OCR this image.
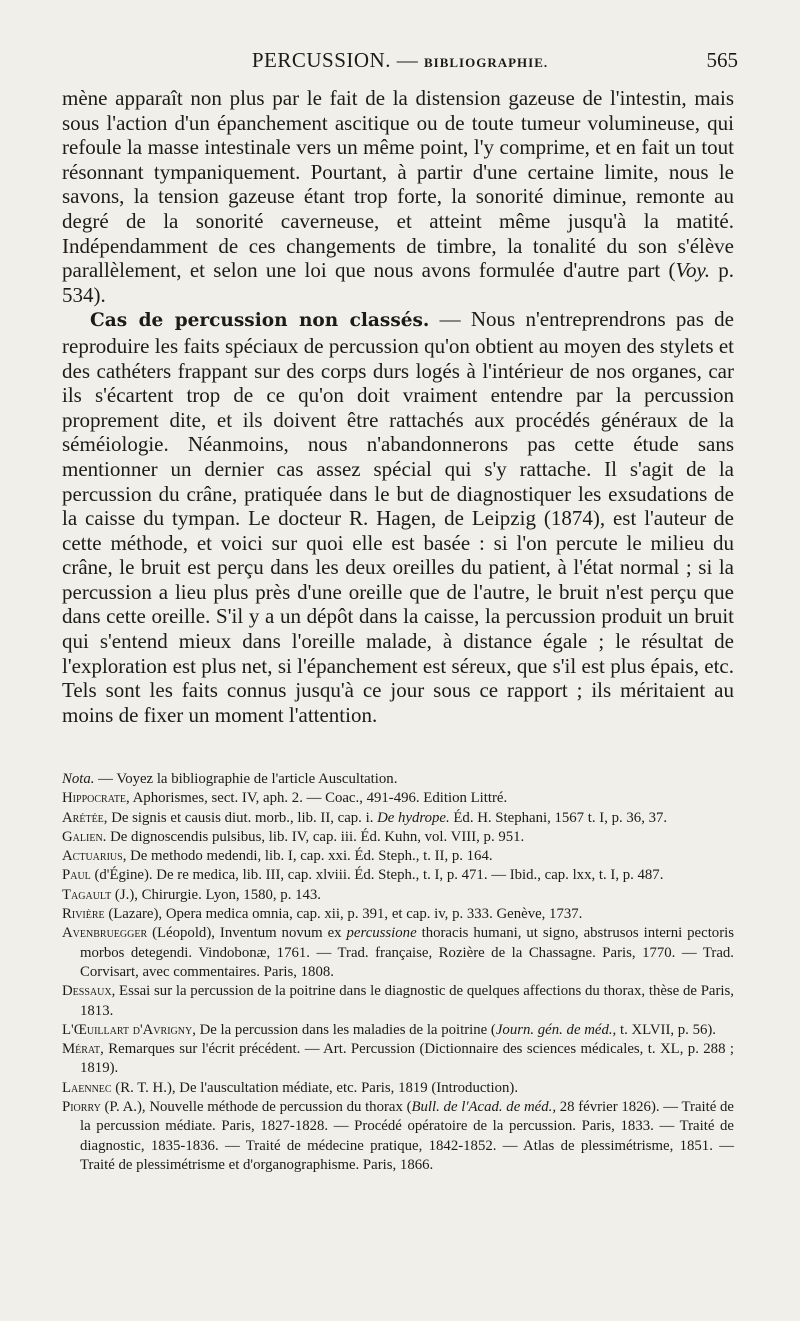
PERCUSSION. — BIBLIOGRAPHIE.	565

mène apparaît non plus par le fait de la distension gazeuse de l'intestin, mais sous l'action d'un épanchement ascitique ou de toute tumeur volumineuse, qui refoule la masse intestinale vers un même point, l'y comprime, et en fait un tout résonnant tympaniquement. Pourtant, à partir d'une certaine limite, nous le savons, la tension gazeuse étant trop forte, la sonorité diminue, remonte au degré de la sonorité caverneuse, et atteint même jusqu'à la matité. Indépendamment de ces changements de timbre, la tonalité du son s'élève parallèlement, et selon une loi que nous avons formulée d'autre part (Voy. p. 534).

Cas de percussion non classés. — Nous n'entreprendrons pas de reproduire les faits spéciaux de percussion qu'on obtient au moyen des stylets et des cathéters frappant sur des corps durs logés à l'intérieur de nos organes, car ils s'écartent trop de ce qu'on doit vraiment entendre par la percussion proprement dite, et ils doivent être rattachés aux procédés généraux de la séméiologie. Néanmoins, nous n'abandonnerons pas cette étude sans mentionner un dernier cas assez spécial qui s'y rattache. Il s'agit de la percussion du crâne, pratiquée dans le but de diagnostiquer les exsudations de la caisse du tympan. Le docteur R. Hagen, de Leipzig (1874), est l'auteur de cette méthode, et voici sur quoi elle est basée : si l'on percute le milieu du crâne, le bruit est perçu dans les deux oreilles du patient, à l'état normal ; si la percussion a lieu plus près d'une oreille que de l'autre, le bruit n'est perçu que dans cette oreille. S'il y a un dépôt dans la caisse, la percussion produit un bruit qui s'entend mieux dans l'oreille malade, à distance égale ; le résultat de l'exploration est plus net, si l'épanchement est séreux, que s'il est plus épais, etc. Tels sont les faits connus jusqu'à ce jour sous ce rapport ; ils méritaient au moins de fixer un moment l'attention.

Nota. — Voyez la bibliographie de l'article Auscultation.
Hippocrate, Aphorismes, sect. IV, aph. 2. — Coac., 491-496. Edition Littré.
Arétée, De signis et causis diut. morb., lib. II, cap. i. De hydrope. Éd. H. Stephani, 1567 t. I, p. 36, 37.
Galien. De dignoscendis pulsibus, lib. IV, cap. iii. Éd. Kuhn, vol. VIII, p. 951.
Actuarius, De methodo medendi, lib. I, cap. xxi. Éd. Steph., t. II, p. 164.
Paul (d'Égine). De re medica, lib. III, cap. xlviii. Éd. Steph., t. I, p. 471. — Ibid., cap. lxx, t. I, p. 487.
Tagault (J.), Chirurgie. Lyon, 1580, p. 143.
Rivière (Lazare), Opera medica omnia, cap. xii, p. 391, et cap. iv, p. 333. Genève, 1737.
Avenbruegger (Léopold), Inventum novum ex percussione thoracis humani, ut signo, abstrusos interni pectoris morbos detegendi. Vindobonæ, 1761. — Trad. française, Rozière de la Chassagne. Paris, 1770. — Trad. Corvisart, avec commentaires. Paris, 1808.
Dessaux, Essai sur la percussion de la poitrine dans le diagnostic de quelques affections du thorax, thèse de Paris, 1813.
L'Œuillart d'Avrigny, De la percussion dans les maladies de la poitrine (Journ. gén. de méd., t. XLVII, p. 56).
Mérat, Remarques sur l'écrit précédent. — Art. Percussion (Dictionnaire des sciences médicales, t. XL, p. 288 ; 1819).
Laennec (R. T. H.), De l'auscultation médiate, etc. Paris, 1819 (Introduction).
Piorry (P. A.), Nouvelle méthode de percussion du thorax (Bull. de l'Acad. de méd., 28 février 1826). — Traité de la percussion médiate. Paris, 1827-1828. — Procédé opératoire de la percussion. Paris, 1833. — Traité de diagnostic, 1835-1836. — Traité de médecine pratique, 1842-1852. — Atlas de plessimétrisme, 1851. — Traité de plessimétrisme et d'organographisme. Paris, 1866.
